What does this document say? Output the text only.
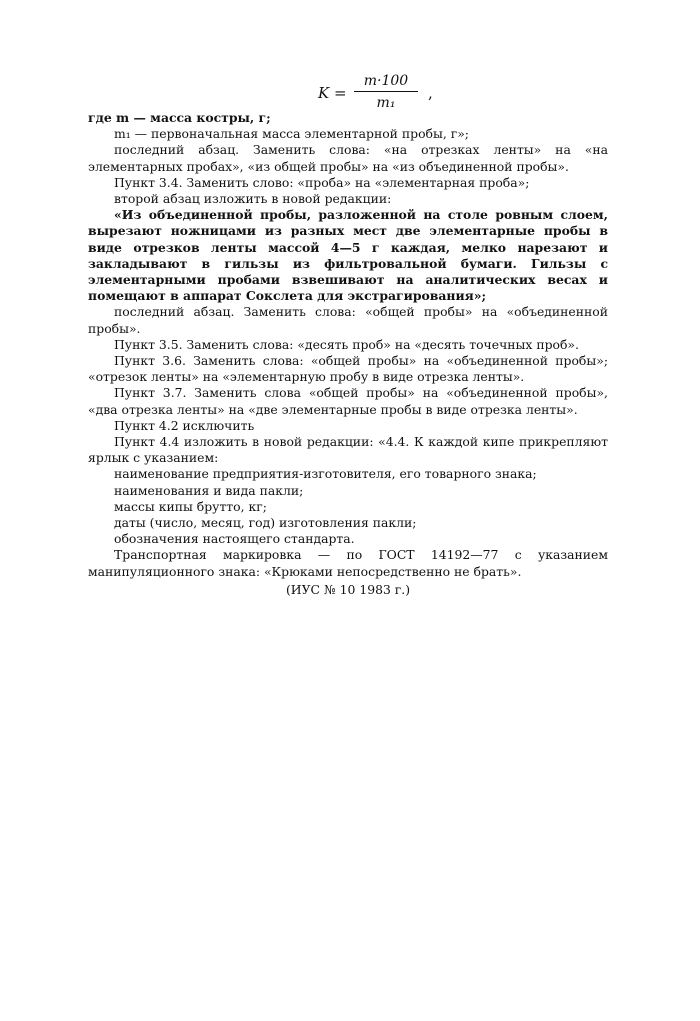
K =
m·100
m₁
,

где m — масса костры, г;

m₁ — первоначальная масса элементарной пробы, г»;

последний абзац. Заменить слова: «на отрезках ленты» на «на элементарных пробах», «из общей пробы» на «из объединенной пробы».

Пункт 3.4. Заменить слово: «проба» на «элементарная проба»;

второй абзац изложить в новой редакции:

«Из объединенной пробы, разложенной на столе ровным слоем, вырезают ножницами из разных мест две элементарные пробы в виде отрезков ленты массой 4—5 г каждая, мелко нарезают и закладывают в гильзы из фильтровальной бумаги. Гильзы с элементарными пробами взвешивают на аналитических весах и помещают в аппарат Сокслета для экстрагирования»;

последний абзац. Заменить слова: «общей пробы» на «объединенной пробы».

Пункт 3.5. Заменить слова: «десять проб» на «десять точечных проб».

Пункт 3.6. Заменить слова: «общей пробы» на «объединенной пробы»; «отрезок ленты» на «элементарную пробу в виде отрезка ленты».

Пункт 3.7. Заменить слова «общей пробы» на «объединенной пробы», «два отрезка ленты» на «две элементарные пробы в виде отрезка ленты».

Пункт 4.2 исключить

Пункт 4.4 изложить в новой редакции: «4.4. К каждой кипе прикрепляют ярлык с указанием:

наименование предприятия-изготовителя, его товарного знака;

наименования и вида пакли;

массы кипы брутто, кг;

даты (число, месяц, год) изготовления пакли;

обозначения настоящего стандарта.

Транспортная маркировка — по ГОСТ 14192—77 с указанием манипуляционного знака: «Крюками непосредственно не брать».

(ИУС № 10 1983 г.)
